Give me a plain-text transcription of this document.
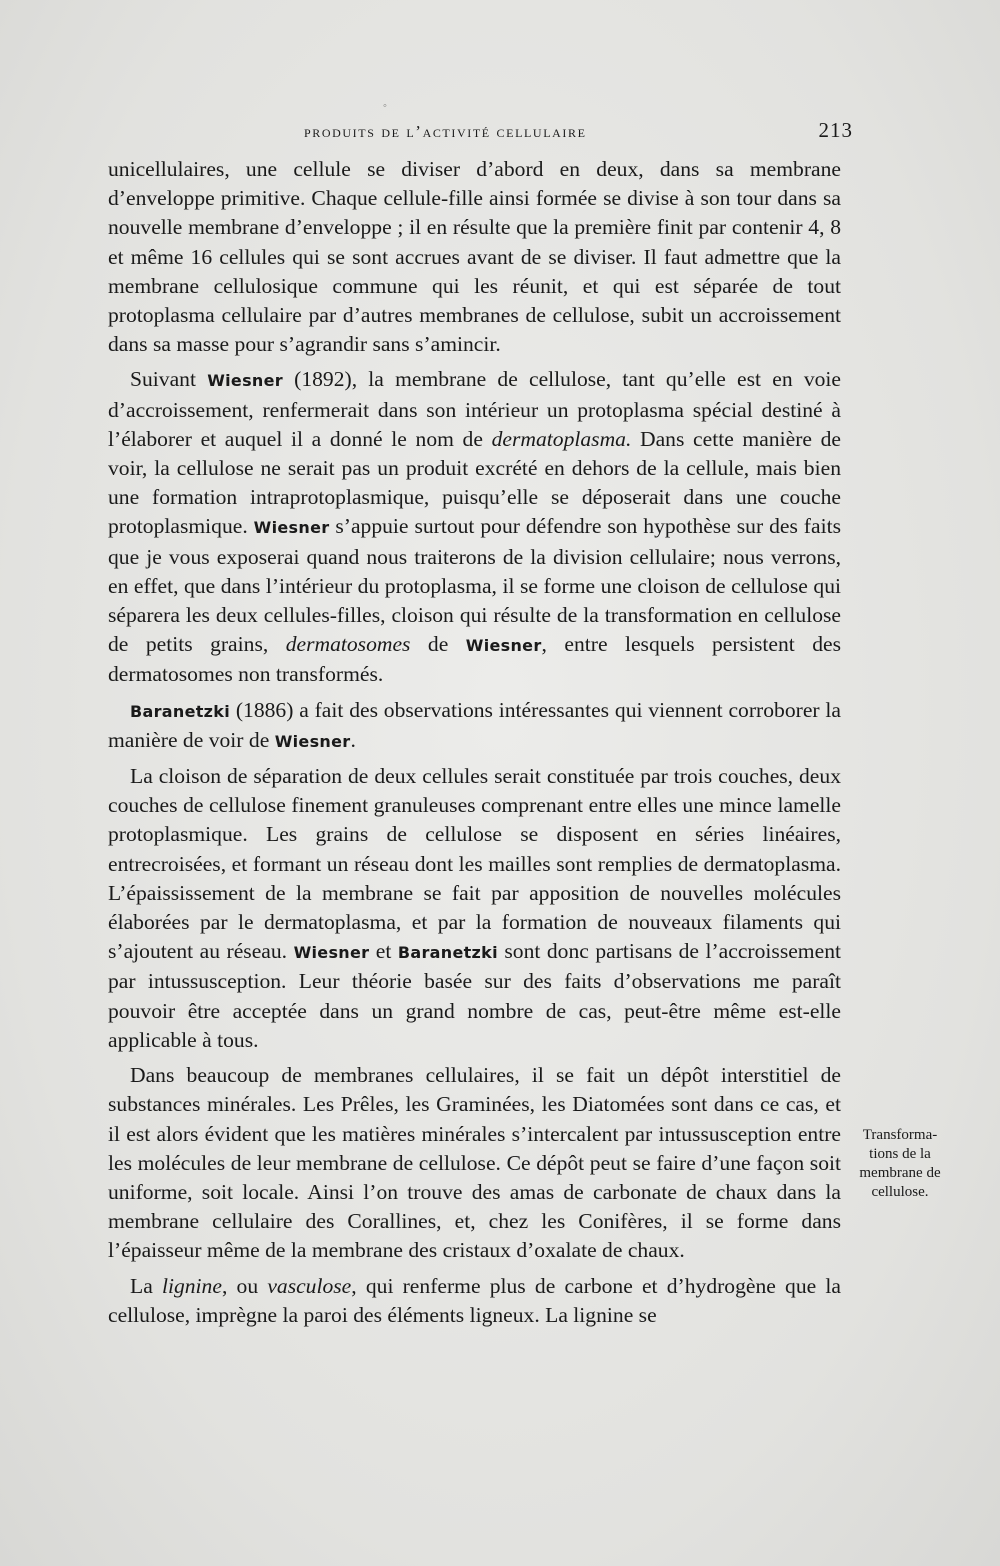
◦
produits de l’activité cellulaire	213

unicellulaires, une cellule se diviser d’abord en deux, dans sa membrane d’enveloppe primitive. Chaque cellule-fille ainsi formée se divise à son tour dans sa nouvelle membrane d’enveloppe ; il en résulte que la première finit par contenir 4, 8 et même 16 cellules qui se sont accrues avant de se diviser. Il faut admettre que la membrane cellulosique commune qui les réunit, et qui est séparée de tout protoplasma cellulaire par d’autres membranes de cellulose, subit un accroissement dans sa masse pour s’agrandir sans s’amincir.

Suivant Wiesner (1892), la membrane de cellulose, tant qu’elle est en voie d’accroissement, renfermerait dans son intérieur un protoplasma spécial destiné à l’élaborer et auquel il a donné le nom de dermatoplasma. Dans cette manière de voir, la cellulose ne serait pas un produit excrété en dehors de la cellule, mais bien une formation intraprotoplasmique, puisqu’elle se déposerait dans une couche protoplasmique. Wiesner s’appuie surtout pour défendre son hypothèse sur des faits que je vous exposerai quand nous traiterons de la division cellulaire; nous verrons, en effet, que dans l’intérieur du protoplasma, il se forme une cloison de cellulose qui séparera les deux cellules-filles, cloison qui résulte de la transformation en cellulose de petits grains, dermatosomes de Wiesner, entre lesquels persistent des dermatosomes non transformés.

Baranetzki (1886) a fait des observations intéressantes qui viennent corroborer la manière de voir de Wiesner.

La cloison de séparation de deux cellules serait constituée par trois couches, deux couches de cellulose finement granuleuses comprenant entre elles une mince lamelle protoplasmique. Les grains de cellulose se disposent en séries linéaires, entrecroisées, et formant un réseau dont les mailles sont remplies de dermatoplasma. L’épaississement de la membrane se fait par apposition de nouvelles molécules élaborées par le dermatoplasma, et par la formation de nouveaux filaments qui s’ajoutent au réseau. Wiesner et Baranetzki sont donc partisans de l’accroissement par intussusception. Leur théorie basée sur des faits d’observations me paraît pouvoir être acceptée dans un grand nombre de cas, peut-être même est-elle applicable à tous.

Dans beaucoup de membranes cellulaires, il se fait un dépôt interstitiel de substances minérales. Les Prêles, les Graminées, les Diatomées sont dans ce cas, et il est alors évident que les matières minérales s’intercalent par intussusception entre les molécules de leur membrane de cellulose. Ce dépôt peut se faire d’une façon soit uniforme, soit locale. Ainsi l’on trouve des amas de carbonate de chaux dans la membrane cellulaire des Corallines, et, chez les Conifères, il se forme dans l’épaisseur même de la membrane des cristaux d’oxalate de chaux.

La lignine, ou vasculose, qui renferme plus de carbone et d’hydrogène que la cellulose, imprègne la paroi des éléments ligneux. La lignine se

Transforma-
tions de la
membrane de
cellulose.
